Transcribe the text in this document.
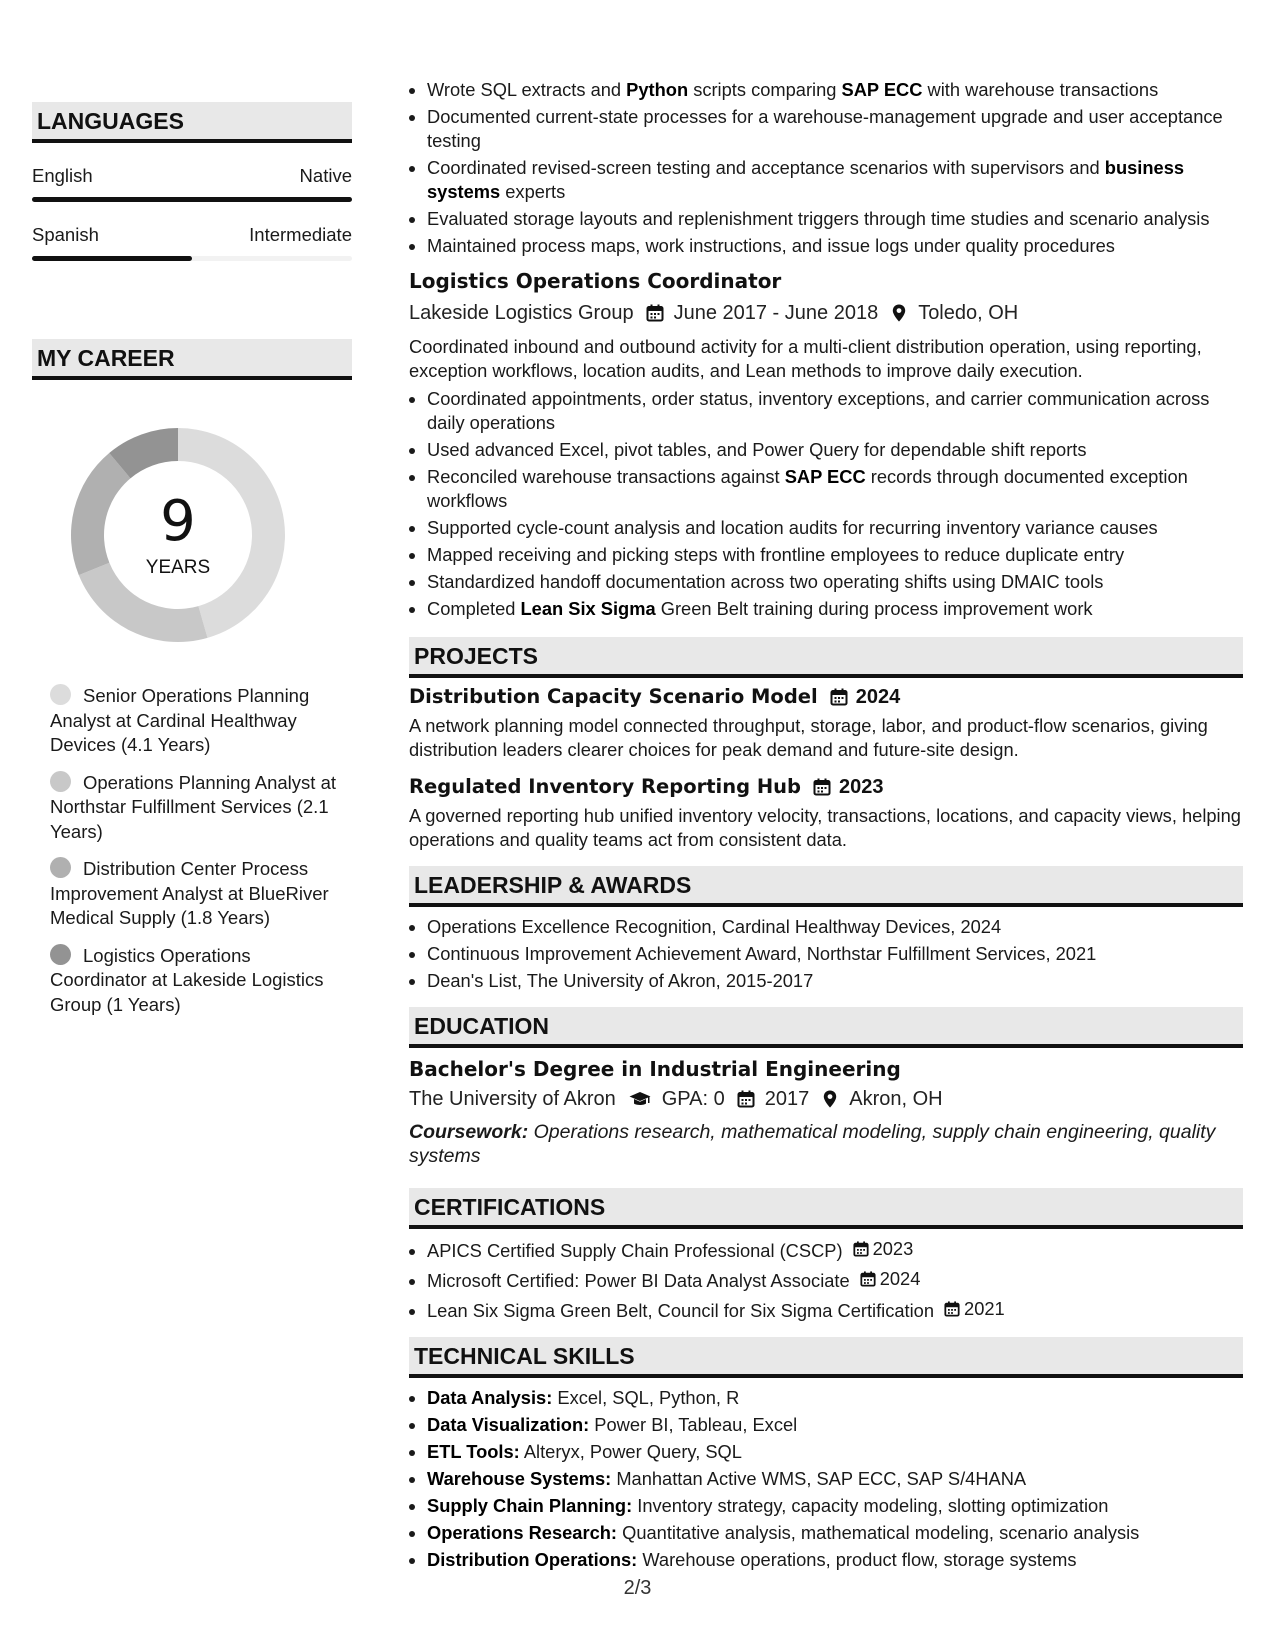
LANGUAGES
English	Native
Spanish	Intermediate
MY CAREER
9
YEARS
Senior Operations Planning Analyst at Cardinal Healthway Devices (4.1 Years)
Operations Planning Analyst at Northstar Fulfillment Services (2.1 Years)
Distribution Center Process Improvement Analyst at BlueRiver Medical Supply (1.8 Years)
Logistics Operations Coordinator at Lakeside Logistics Group (1 Years)
• Wrote SQL extracts and Python scripts comparing SAP ECC with warehouse transactions
• Documented current-state processes for a warehouse-management upgrade and user acceptance testing
• Coordinated revised-screen testing and acceptance scenarios with supervisors and business systems experts
• Evaluated storage layouts and replenishment triggers through time studies and scenario analysis
• Maintained process maps, work instructions, and issue logs under quality procedures
Logistics Operations Coordinator
Lakeside Logistics Group June 2017 - June 2018 Toledo, OH
Coordinated inbound and outbound activity for a multi-client distribution operation, using reporting, exception workflows, location audits, and Lean methods to improve daily execution.
• Coordinated appointments, order status, inventory exceptions, and carrier communication across daily operations
• Used advanced Excel, pivot tables, and Power Query for dependable shift reports
• Reconciled warehouse transactions against SAP ECC records through documented exception workflows
• Supported cycle-count analysis and location audits for recurring inventory variance causes
• Mapped receiving and picking steps with frontline employees to reduce duplicate entry
• Standardized handoff documentation across two operating shifts using DMAIC tools
• Completed Lean Six Sigma Green Belt training during process improvement work
PROJECTS
Distribution Capacity Scenario Model 2024
A network planning model connected throughput, storage, labor, and product-flow scenarios, giving distribution leaders clearer choices for peak demand and future-site design.
Regulated Inventory Reporting Hub 2023
A governed reporting hub unified inventory velocity, transactions, locations, and capacity views, helping operations and quality teams act from consistent data.
LEADERSHIP & AWARDS
• Operations Excellence Recognition, Cardinal Healthway Devices, 2024
• Continuous Improvement Achievement Award, Northstar Fulfillment Services, 2021
• Dean's List, The University of Akron, 2015-2017
EDUCATION
Bachelor's Degree in Industrial Engineering
The University of Akron GPA: 0 2017 Akron, OH
Coursework: Operations research, mathematical modeling, supply chain engineering, quality systems
CERTIFICATIONS
• APICS Certified Supply Chain Professional (CSCP) 2023
• Microsoft Certified: Power BI Data Analyst Associate 2024
• Lean Six Sigma Green Belt, Council for Six Sigma Certification 2021
TECHNICAL SKILLS
• Data Analysis: Excel, SQL, Python, R
• Data Visualization: Power BI, Tableau, Excel
• ETL Tools: Alteryx, Power Query, SQL
• Warehouse Systems: Manhattan Active WMS, SAP ECC, SAP S/4HANA
• Supply Chain Planning: Inventory strategy, capacity modeling, slotting optimization
• Operations Research: Quantitative analysis, mathematical modeling, scenario analysis
• Distribution Operations: Warehouse operations, product flow, storage systems
2/3
